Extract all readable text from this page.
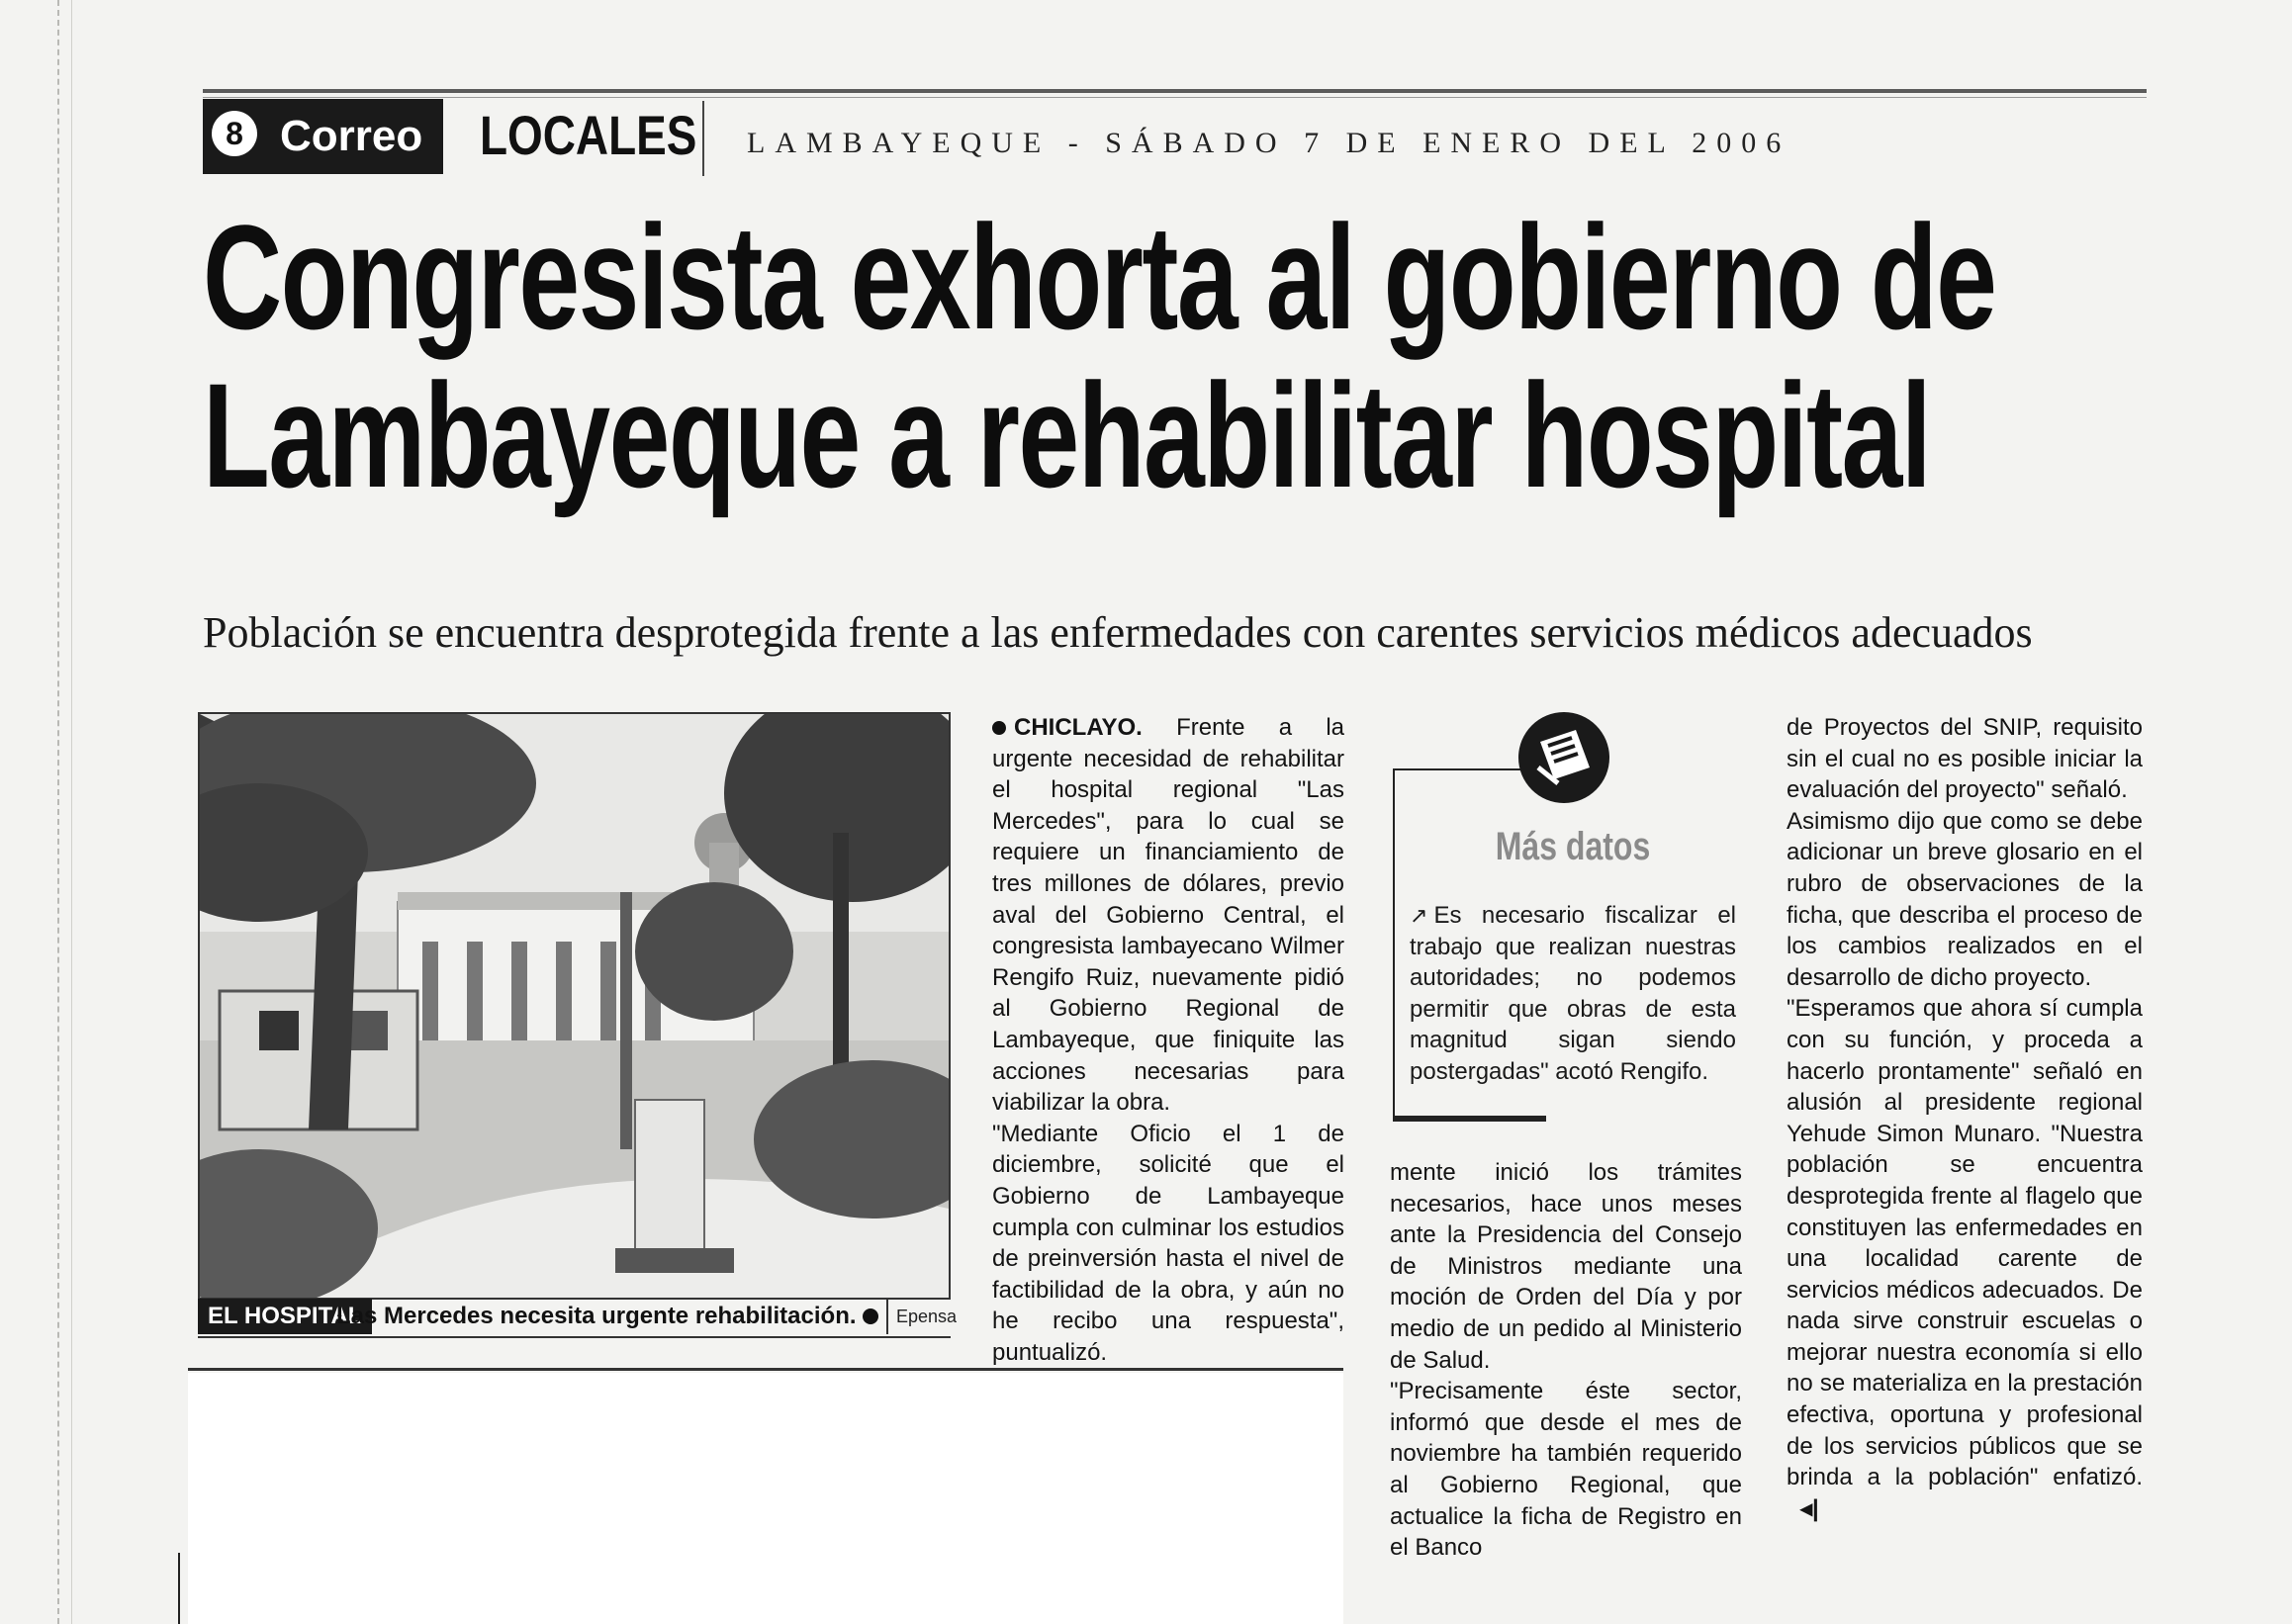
8 Correo LOCALES LAMBAYEQUE - SÁBADO 7 DE ENERO DEL 2006
Congresista exhorta al gobierno de
Lambayeque a rehabilitar hospital

Población se encuentra desprotegida frente a las enfermedades con carentes servicios médicos adecuados

EL HOSPITAL
Las Mercedes necesita urgente rehabilitación.	Epensa

CHICLAYO. Frente a la urgente necesidad de rehabilitar el hospital regional "Las Mercedes", para lo cual se requiere un financiamiento de tres millones de dólares, previo aval del Gobierno Central, el congresista lambayecano Wilmer Rengifo Ruiz, nuevamente pidió al Gobierno Regional de Lambayeque, que finiquite las acciones necesarias para viabilizar la obra.

"Mediante Oficio el 1 de diciembre, solicité que el Gobierno de Lambayeque cumpla con culminar los estudios de preinversión hasta el nivel de factibilidad de la obra, y aún no he recibo una respuesta", puntualizó.

Más datos
↗ Es necesario fiscalizar el trabajo que realizan nuestras autoridades; no podemos permitir que obras de esta magnitud sigan siendo postergadas" acotó Rengifo.

mente inició los trámites necesarios, hace unos meses ante la Presidencia del Consejo de Ministros mediante una moción de Orden del Día y por medio de un pedido al Ministerio de Salud.

"Precisamente éste sector, informó que desde el mes de noviembre ha también requerido al Gobierno Regional, que actualice la ficha de Registro en el Banco

de Proyectos del SNIP, requisito sin el cual no es posible iniciar la evaluación del proyecto" señaló.

Asimismo dijo que como se debe adicionar un breve glosario en el rubro de observaciones de la ficha, que describa el proceso de los cambios realizados en el desarrollo de dicho proyecto.

"Esperamos que ahora sí cumpla con su función, y proceda a hacerlo prontamente" señaló en alusión al presidente regional Yehude Simon Munaro. "Nuestra población se encuentra desprotegida frente al flagelo que constituyen las enfermedades en una localidad carente de servicios médicos adecuados. De nada sirve construir escuelas o mejorar nuestra economía si ello no se materializa en la prestación efectiva, oportuna y profesional de los servicios públicos que se brinda a la población" enfatizó.◂|
